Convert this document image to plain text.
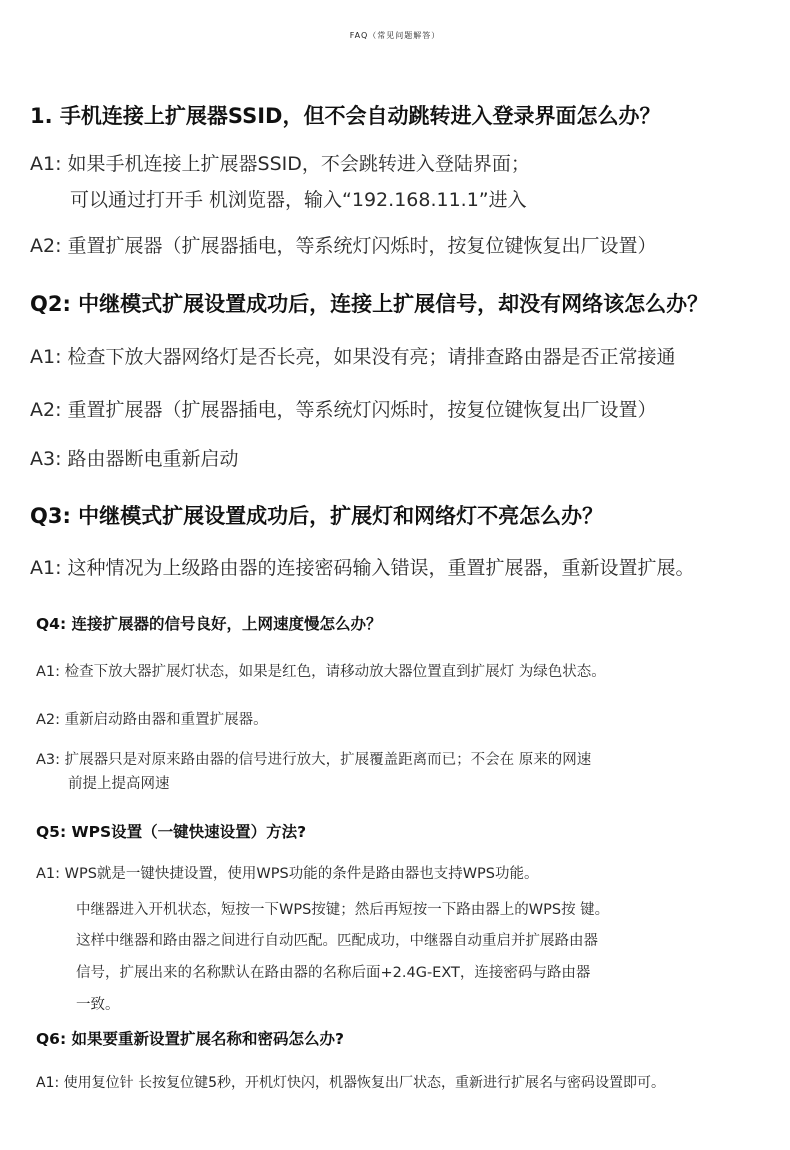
FAQ（常见问题解答）
1. 手机连接上扩展器SSID，但不会自动跳转进入登录界面怎么办？
A1: 如果手机连接上扩展器SSID，不会跳转进入登陆界面；
可以通过打开手 机浏览器，输入“192.168.11.1”进入
A2: 重置扩展器（扩展器插电，等系统灯闪烁时，按复位键恢复出厂设置）
Q2: 中继模式扩展设置成功后，连接上扩展信号，却没有网络该怎么办？
A1: 检查下放大器网络灯是否长亮，如果没有亮；请排查路由器是否正常接通
A2: 重置扩展器（扩展器插电，等系统灯闪烁时，按复位键恢复出厂设置）
A3: 路由器断电重新启动
Q3: 中继模式扩展设置成功后，扩展灯和网络灯不亮怎么办？
A1: 这种情况为上级路由器的连接密码输入错误，重置扩展器，重新设置扩展。
Q4: 连接扩展器的信号良好，上网速度慢怎么办？
A1: 检查下放大器扩展灯状态，如果是红色，请移动放大器位置直到扩展灯 为绿色状态。
A2: 重新启动路由器和重置扩展器。
A3: 扩展器只是对原来路由器的信号进行放大，扩展覆盖距离而已；不会在 原来的网速
前提上提高网速
Q5: WPS设置（一键快速设置）方法?
A1: WPS就是一键快捷设置，使用WPS功能的条件是路由器也支持WPS功能。
中继器进入开机状态，短按一下WPS按键；然后再短按一下路由器上的WPS按 键。
这样中继器和路由器之间进行自动匹配。匹配成功，中继器自动重启并扩展路由器
信号，扩展出来的名称默认在路由器的名称后面+2.4G-EXT，连接密码与路由器
一致。
Q6: 如果要重新设置扩展名称和密码怎么办?
A1: 使用复位针 长按复位键5秒，开机灯快闪，机器恢复出厂状态，重新进行扩展名与密码设置即可。
